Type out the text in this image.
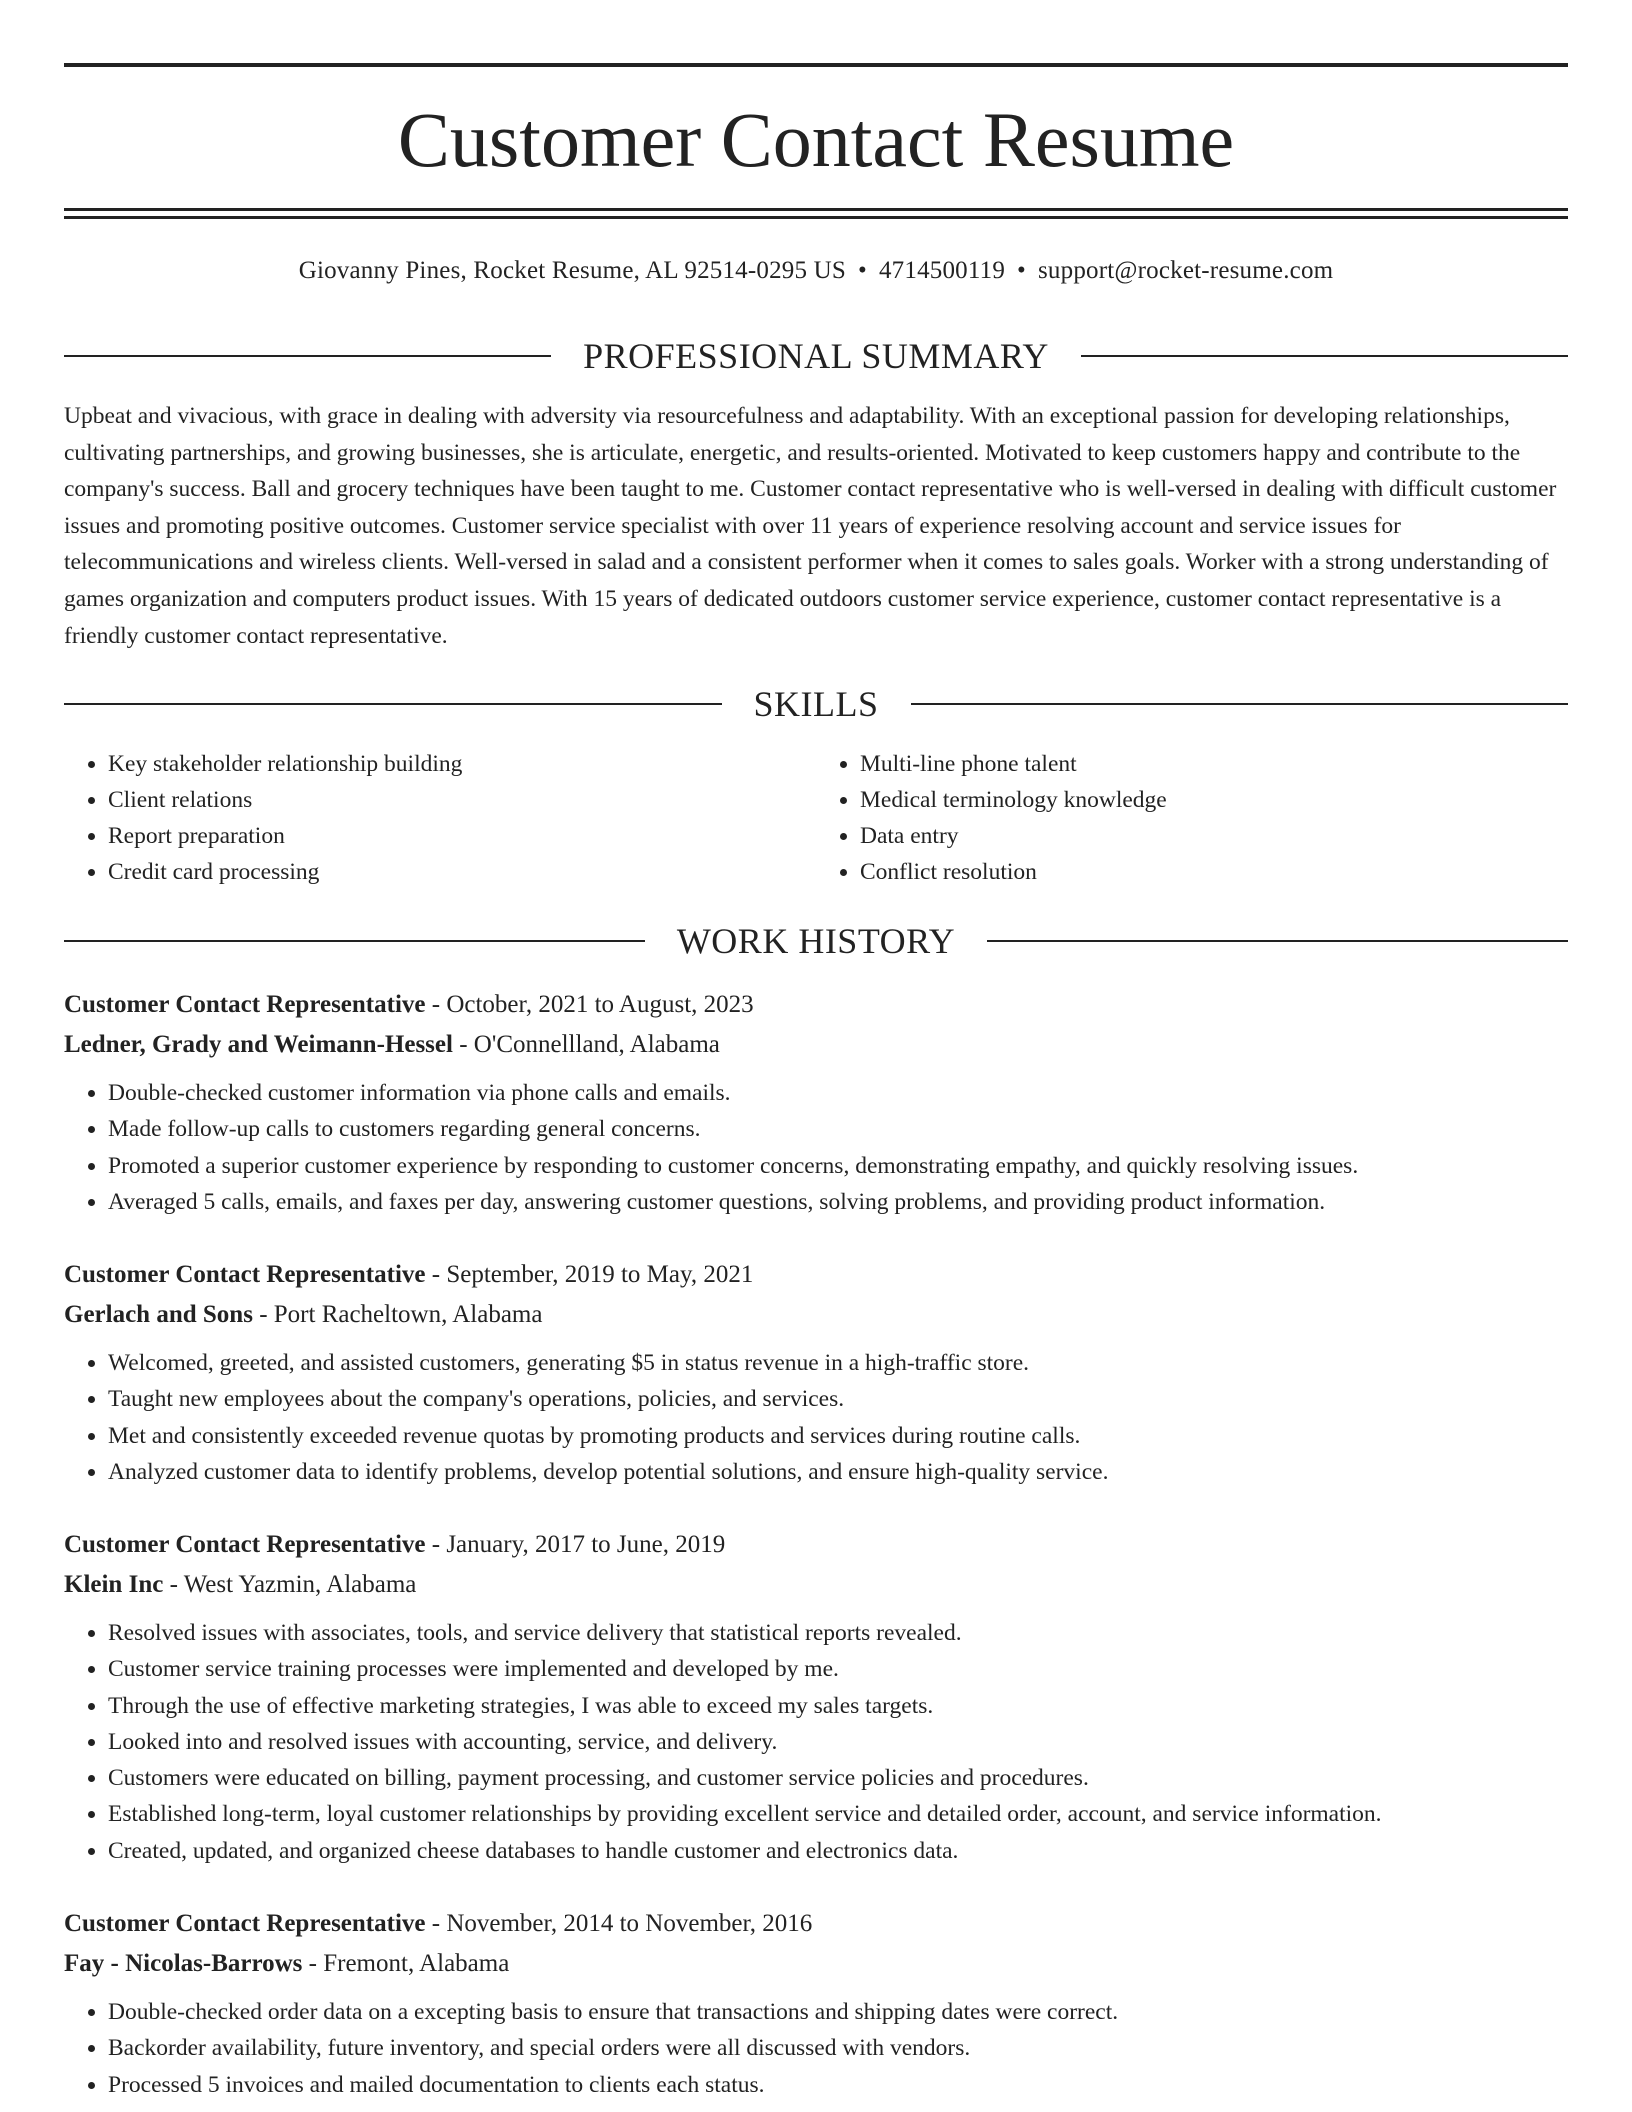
Customer Contact Resume
Giovanny Pines, Rocket Resume, AL 92514-0295 US • 4714500119 • support@rocket-resume.com
PROFESSIONAL SUMMARY

Upbeat and vivacious, with grace in dealing with adversity via resourcefulness and adaptability. With an exceptional passion for developing relationships, cultivating partnerships, and growing businesses, she is articulate, energetic, and results-oriented. Motivated to keep customers happy and contribute to the company's success. Ball and grocery techniques have been taught to me. Customer contact representative who is well-versed in dealing with difficult customer issues and promoting positive outcomes. Customer service specialist with over 11 years of experience resolving account and service issues for telecommunications and wireless clients. Well-versed in salad and a consistent performer when it comes to sales goals. Worker with a strong understanding of games organization and computers product issues. With 15 years of dedicated outdoors customer service experience, customer contact representative is a friendly customer contact representative.

SKILLS
• Key stakeholder relationship building
• Client relations
• Report preparation
• Credit card processing
• Multi-line phone talent
• Medical terminology knowledge
• Data entry
• Conflict resolution
WORK HISTORY
Customer Contact Representative - October, 2021 to August, 2023
Ledner, Grady and Weimann-Hessel - O'Connellland, Alabama
• Double-checked customer information via phone calls and emails.
• Made follow-up calls to customers regarding general concerns.
• Promoted a superior customer experience by responding to customer concerns, demonstrating empathy, and quickly resolving issues.
• Averaged 5 calls, emails, and faxes per day, answering customer questions, solving problems, and providing product information.
Customer Contact Representative - September, 2019 to May, 2021
Gerlach and Sons - Port Racheltown, Alabama
• Welcomed, greeted, and assisted customers, generating $5 in status revenue in a high-traffic store.
• Taught new employees about the company's operations, policies, and services.
• Met and consistently exceeded revenue quotas by promoting products and services during routine calls.
• Analyzed customer data to identify problems, develop potential solutions, and ensure high-quality service.
Customer Contact Representative - January, 2017 to June, 2019
Klein Inc - West Yazmin, Alabama
• Resolved issues with associates, tools, and service delivery that statistical reports revealed.
• Customer service training processes were implemented and developed by me.
• Through the use of effective marketing strategies, I was able to exceed my sales targets.
• Looked into and resolved issues with accounting, service, and delivery.
• Customers were educated on billing, payment processing, and customer service policies and procedures.
• Established long-term, loyal customer relationships by providing excellent service and detailed order, account, and service information.
• Created, updated, and organized cheese databases to handle customer and electronics data.
Customer Contact Representative - November, 2014 to November, 2016
Fay - Nicolas-Barrows - Fremont, Alabama
• Double-checked order data on a excepting basis to ensure that transactions and shipping dates were correct.
• Backorder availability, future inventory, and special orders were all discussed with vendors.
• Processed 5 invoices and mailed documentation to clients each status.
